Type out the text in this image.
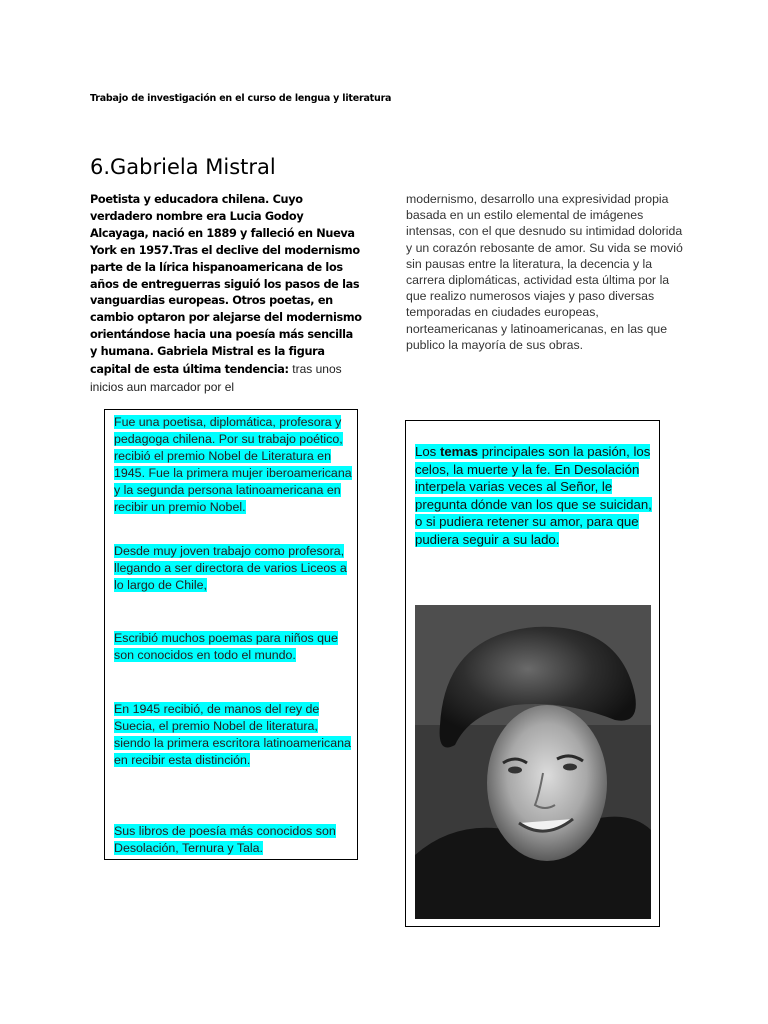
Trabajo de investigación en el curso de lengua y literatura
6.Gabriela Mistral
Poetista y educadora chilena. Cuyo verdadero nombre era Lucia Godoy Alcayaga, nació en 1889 y falleció en Nueva York en 1957.Tras el declive del modernismo parte de la lírica hispanoamericana de los años de entreguerras siguió los pasos de las vanguardias europeas. Otros poetas, en cambio optaron por alejarse del modernismo orientándose hacia una poesía más sencilla y humana. Gabriela Mistral es la figura capital de esta última tendencia: tras unos inicios aun marcador por el
modernismo, desarrollo una expresividad propia basada en un estilo elemental de imágenes intensas, con el que desnudo su intimidad dolorida y un corazón rebosante de amor. Su vida se movió sin pausas entre la literatura, la decencia y la carrera diplomáticas, actividad esta última por la que realizo numerosos viajes y paso diversas temporadas en ciudades europeas, norteamericanas y latinoamericanas, en las que publico la mayoría de sus obras.
Fue una poetisa, diplomática, profesora y pedagoga chilena. Por su trabajo poético, recibió el premio Nobel de Literatura en 1945. Fue la primera mujer iberoamericana y la segunda persona latinoamericana en recibir un premio Nobel.
Desde muy joven trabajo como profesora, llegando a ser directora de varios Liceos a lo largo de Chile,
Escribió muchos poemas para niños que son conocidos en todo el mundo.
En 1945 recibió, de manos del rey de Suecia, el premio Nobel de literatura, siendo la primera escritora latinoamericana en recibir esta distinción.
Sus libros de poesía más conocidos son Desolación, Ternura y Tala.
Los temas principales son la pasión, los celos, la muerte y la fe. En Desolación interpela varias veces al Señor, le pregunta dónde van los que se suicidan, o si pudiera retener su amor, para que pudiera seguir a su lado.
